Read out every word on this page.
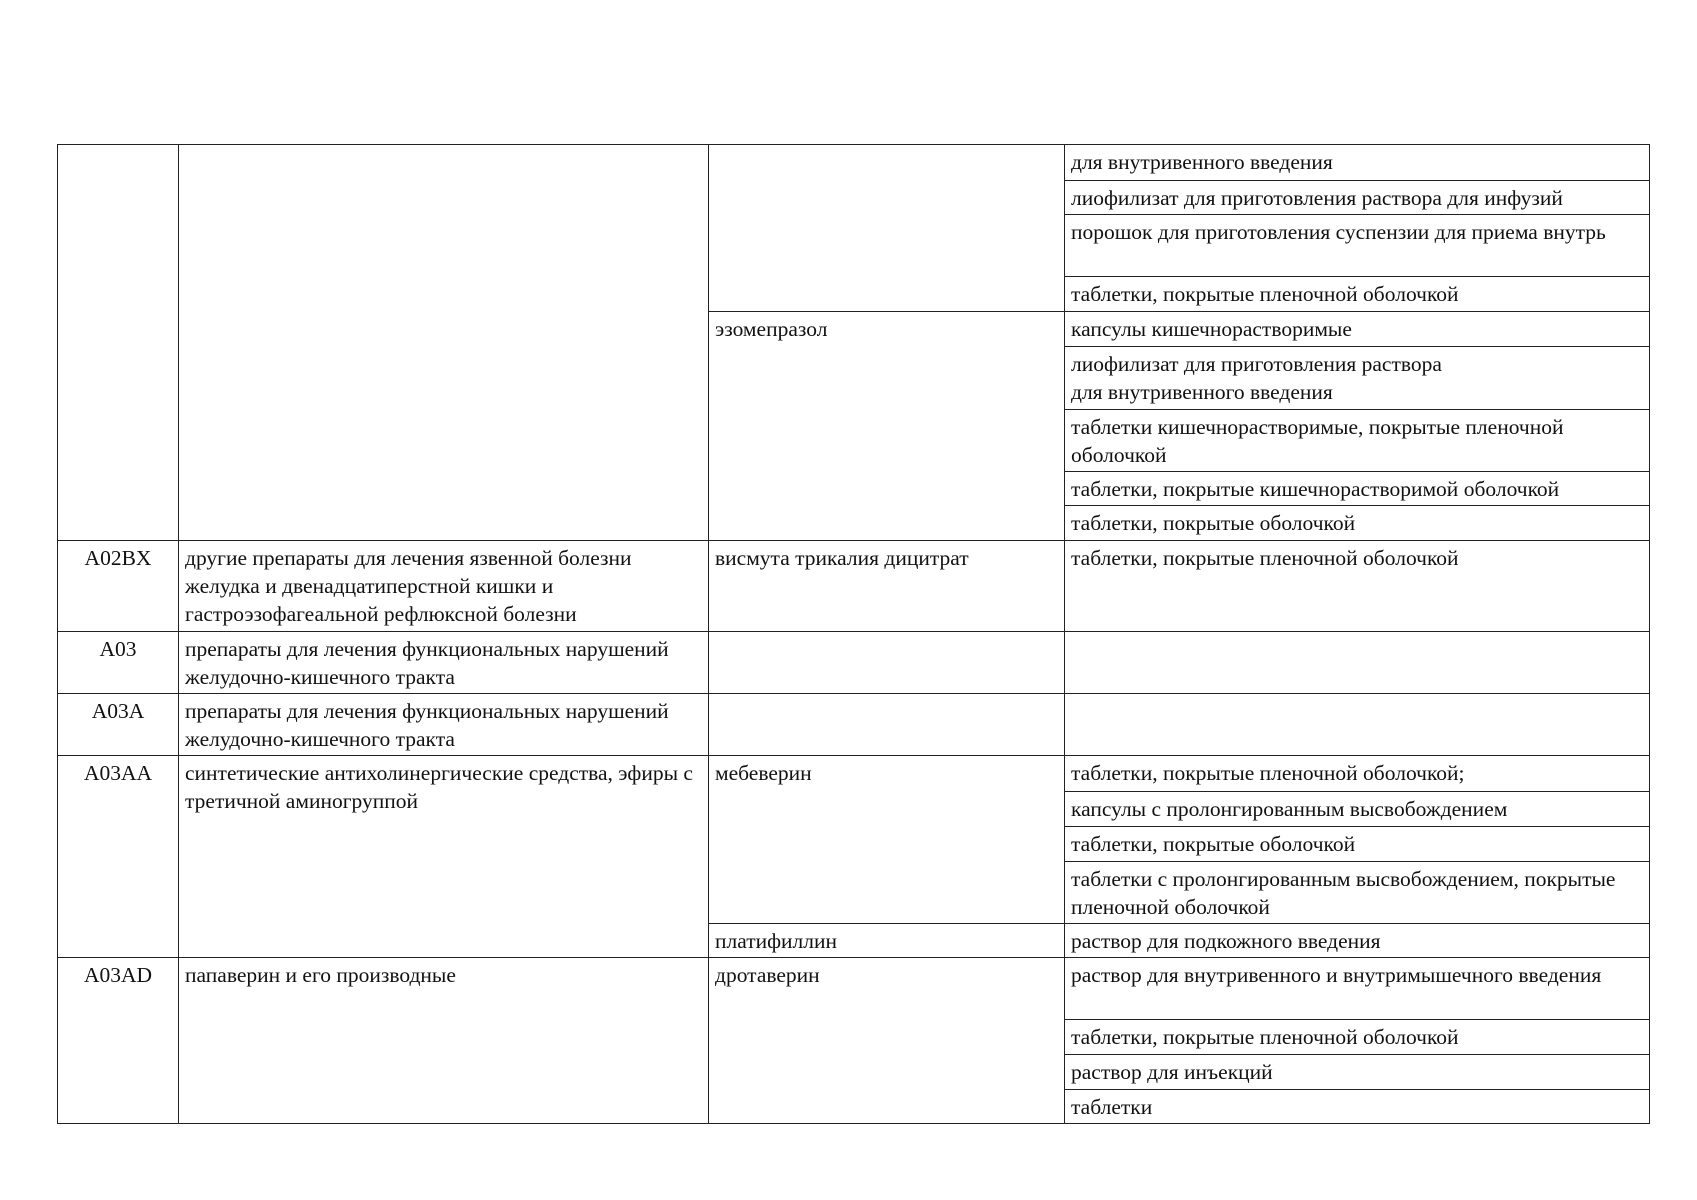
			для внутривенного введения
			лиофилизат для приготовления раствора для инфузий
			порошок для приготовления суспензии для приема внутрь
			таблетки, покрытые пленочной оболочкой
		эзомепразол	капсулы кишечнорастворимые
			лиофилизат для приготовления раствора
для внутривенного введения
			таблетки кишечнорастворимые, покрытые пленочной оболочкой
			таблетки, покрытые кишечнорастворимой оболочкой
			таблетки, покрытые оболочкой
A02BX	другие препараты для лечения язвенной болезни желудка и двенадцатиперстной кишки и гастроэзофагеальной рефлюксной болезни	висмута трикалия дицитрат	таблетки, покрытые пленочной оболочкой
A03	препараты для лечения функциональных нарушений желудочно-кишечного тракта		
A03A	препараты для лечения функциональных нарушений желудочно-кишечного тракта		
A03AA	синтетические антихолинергические средства, эфиры с третичной аминогруппой	мебеверин	таблетки, покрытые пленочной оболочкой;
			капсулы с пролонгированным высвобождением
			таблетки, покрытые оболочкой
			таблетки с пролонгированным высвобождением, покрытые пленочной оболочкой
		платифиллин	раствор для подкожного введения
A03AD	папаверин и его производные	дротаверин	раствор для внутривенного и внутримышечного введения
			таблетки, покрытые пленочной оболочкой
			раствор для инъекций
			таблетки
